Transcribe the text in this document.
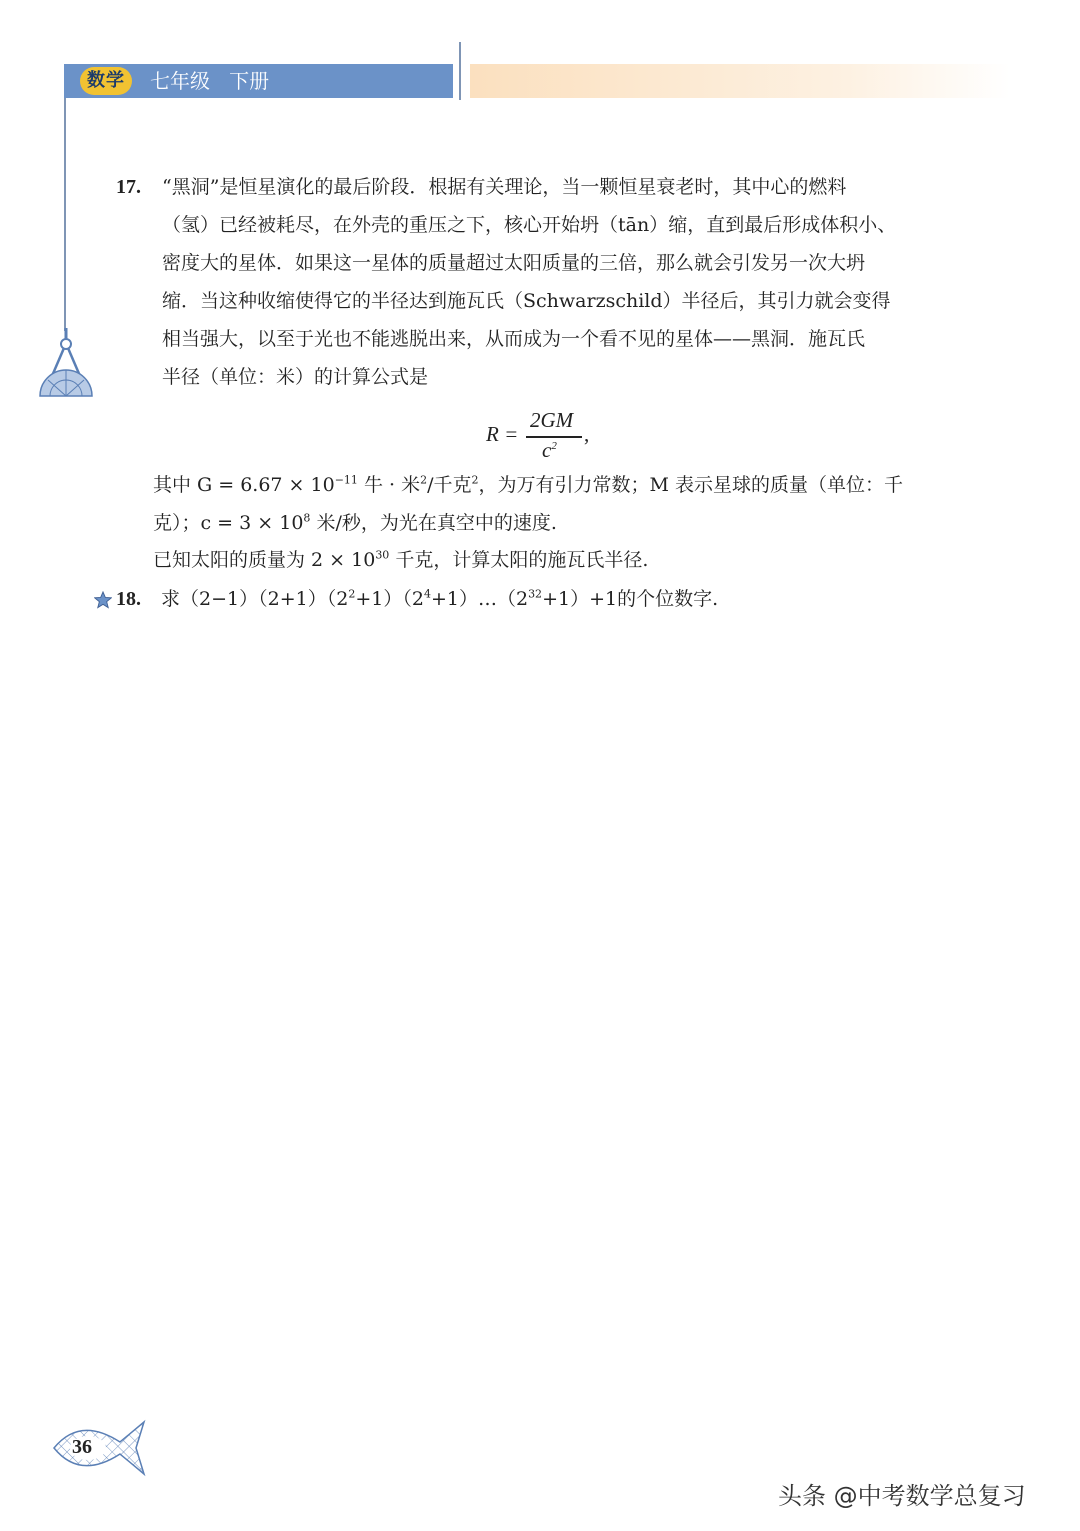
数学	七年级 下册
17. “黑洞”是恒星演化的最后阶段．根据有关理论，当一颗恒星衰老时，其中心的燃料
（氢）已经被耗尽，在外壳的重压之下，核心开始坍（tān）缩，直到最后形成体积小、
密度大的星体．如果这一星体的质量超过太阳质量的三倍，那么就会引发另一次大坍
缩．当这种收缩使得它的半径达到施瓦氏（Schwarzschild）半径后，其引力就会变得
相当强大，以至于光也不能逃脱出来，从而成为一个看不见的星体——黑洞．施瓦氏
半径（单位：米）的计算公式是
R =
2GM
$c^2$ ,
其中 $G = 6.67 \times 10^{-11}$ 牛 · 米$^2$/千克$^2$，为万有引力常数；M 表示星球的质量（单位：千
克）；$c = 3 \times 10^8$ 米/秒，为光在真空中的速度.
已知太阳的质量为 $2 \times 10^{30}$ 千克，计算太阳的施瓦氏半径.
18. 求$(2-1)(2+1)(2^2+1)(2^4+1)\dots(2^{32}+1)+1$的个位数字.
36
头条 @中考数学总复习
